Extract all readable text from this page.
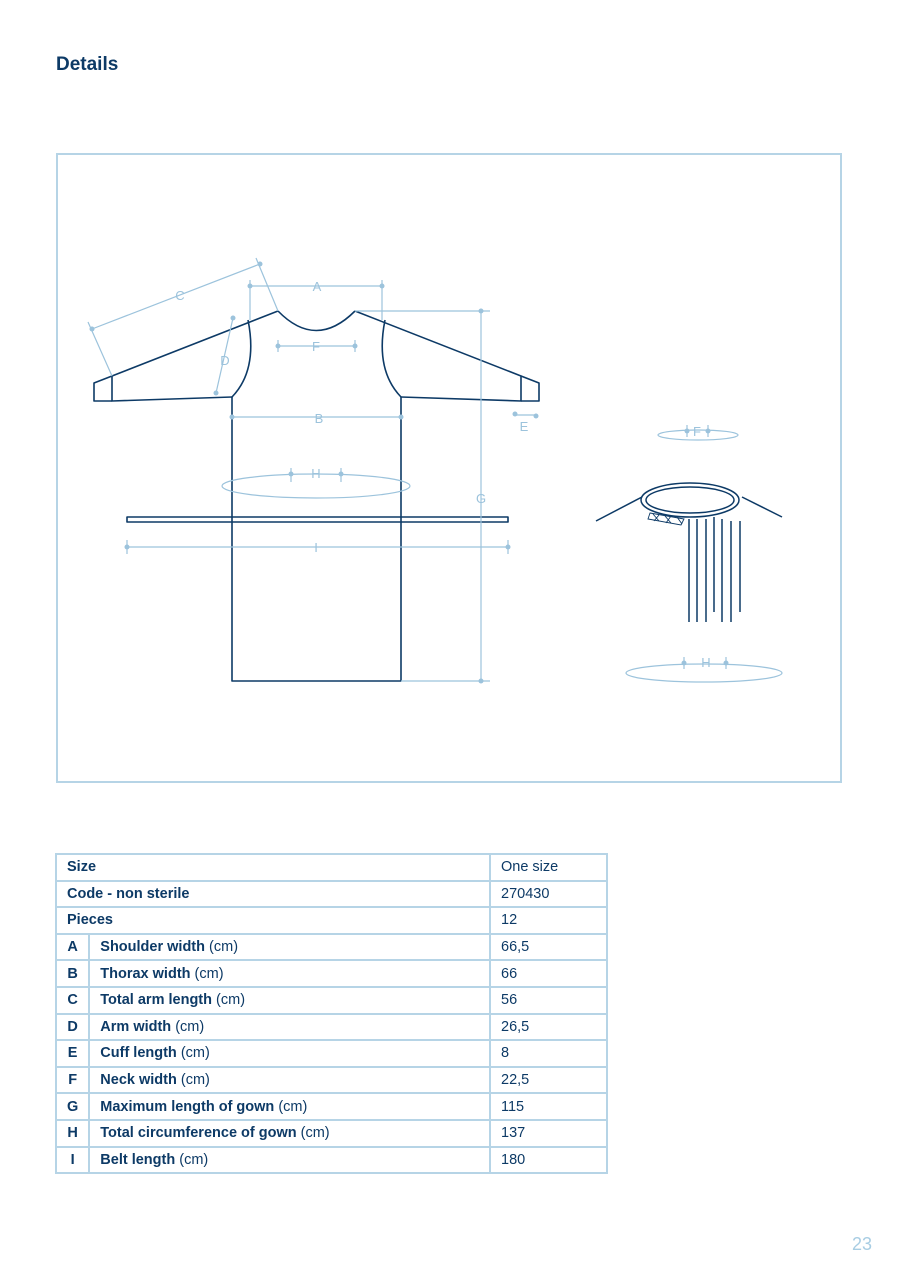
Details
A
C
D
F
B
E
H
G
I
F
H
Size		One size
Code - non sterile		270430
Pieces		12
A	Shoulder width (cm)	66,5
B	Thorax width (cm)	66
C	Total arm length (cm)	56
D	Arm width (cm)	26,5
E	Cuff length (cm)	8
F	Neck width (cm)	22,5
G	Maximum length of gown (cm)	115
H	Total circumference of gown (cm)	137
I	Belt length (cm)	180
23
